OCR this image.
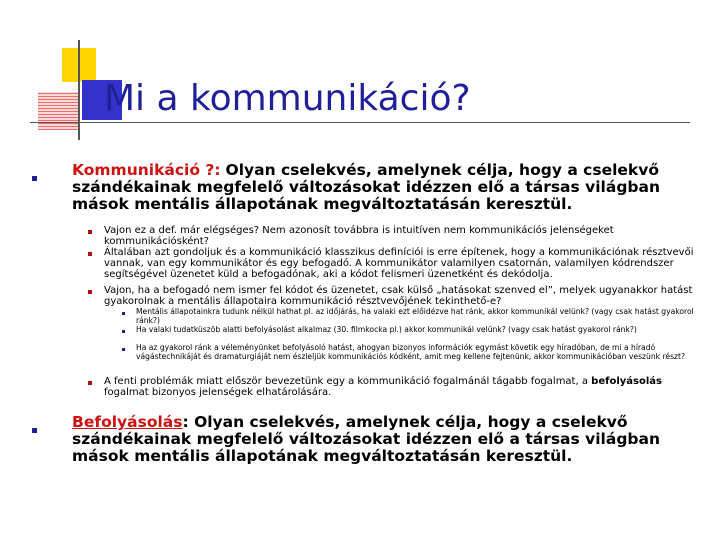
Mi a kommunikáció?

Kommunikáció ?: Olyan cselekvés, amelynek célja, hogy a cselekvő szándékainak megfelelő változásokat idézzen elő a társas világban mások mentális állapotának megváltoztatásán keresztül.

Vajon ez a def. már elégséges? Nem azonosít továbbra is intuitíven nem kommunikációs jelenségeket kommunikációsként?

Általában azt gondoljuk és a kommunikáció klasszikus definíciói is erre építenek, hogy a kommunikációnak résztvevői vannak, van egy kommunikátor és egy befogadó. A kommunikátor valamilyen csatornán, valamilyen kódrendszer segítségével üzenetet küld a befogadónak, aki a kódot felismeri üzenetként és dekódolja.

Vajon, ha a befogadó nem ismer fel kódot és üzenetet, csak külső „hatásokat szenved el”, melyek ugyanakkor hatást gyakorolnak a mentális állapotaira kommunikáció résztvevőjének tekinthető-e?

Mentális állapotainkra tudunk nélkül hathat pl. az időjárás, ha valaki ezt előidézve hat ránk, akkor kommunikál velünk? (vagy csak hatást gyakorol ránk?)

Ha valaki tudatküszöb alatti befolyásolást alkalmaz (30. filmkocka pl.) akkor kommunikál velünk? (vagy csak hatást gyakorol ránk?)

Ha az gyakorol ránk a véleményünket befolyásoló hatást, ahogyan bizonyos információk egymást követik egy híradóban, de mi a híradó vágástechnikáját és dramaturgiáját nem észleljük kommunikációs kódként, amit meg kellene fejtenünk, akkor kommunikációban veszünk részt?

A fenti problémák miatt először bevezetünk egy a kommunikáció fogalmánál tágabb fogalmat, a befolyásolás fogalmat bizonyos jelenségek elhatárolására.

Befolyásolás: Olyan cselekvés, amelynek célja, hogy a cselekvő szándékainak megfelelő változásokat idézzen elő a társas világban mások mentális állapotának megváltoztatásán keresztül.
